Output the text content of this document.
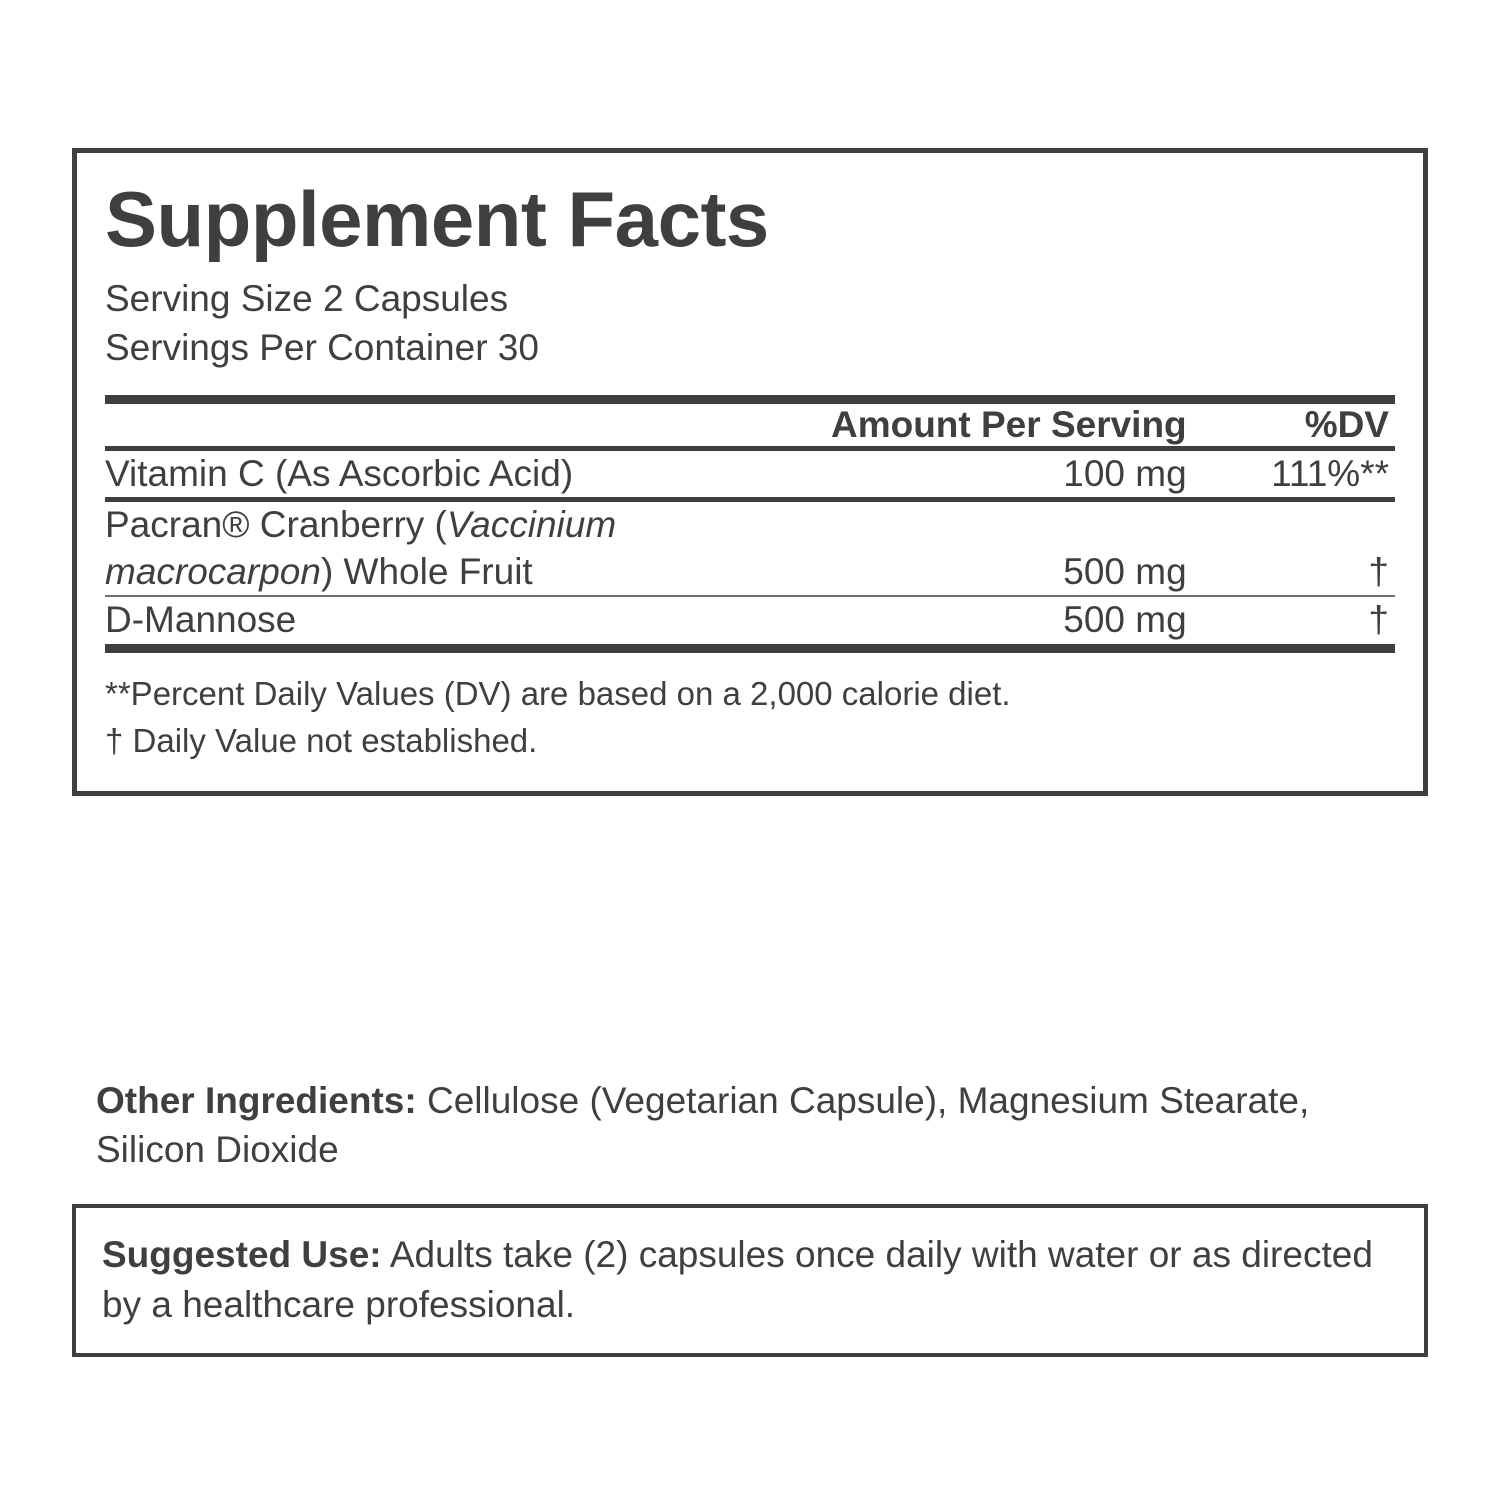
Supplement Facts
Serving Size 2 Capsules
Servings Per Container 30
	Amount Per Serving	%DV

Vitamin C (As Ascorbic Acid)	100 mg	111%**

Pacran® Cranberry (Vaccinium macrocarpon) Whole Fruit	500 mg	†

D-Mannose	500 mg	†

**Percent Daily Values (DV) are based on a 2,000 calorie diet.
† Daily Value not established.
Other Ingredients: Cellulose (Vegetarian Capsule), Magnesium Stearate, Silicon Dioxide
Suggested Use: Adults take (2) capsules once daily with water or as directed by a healthcare professional.
